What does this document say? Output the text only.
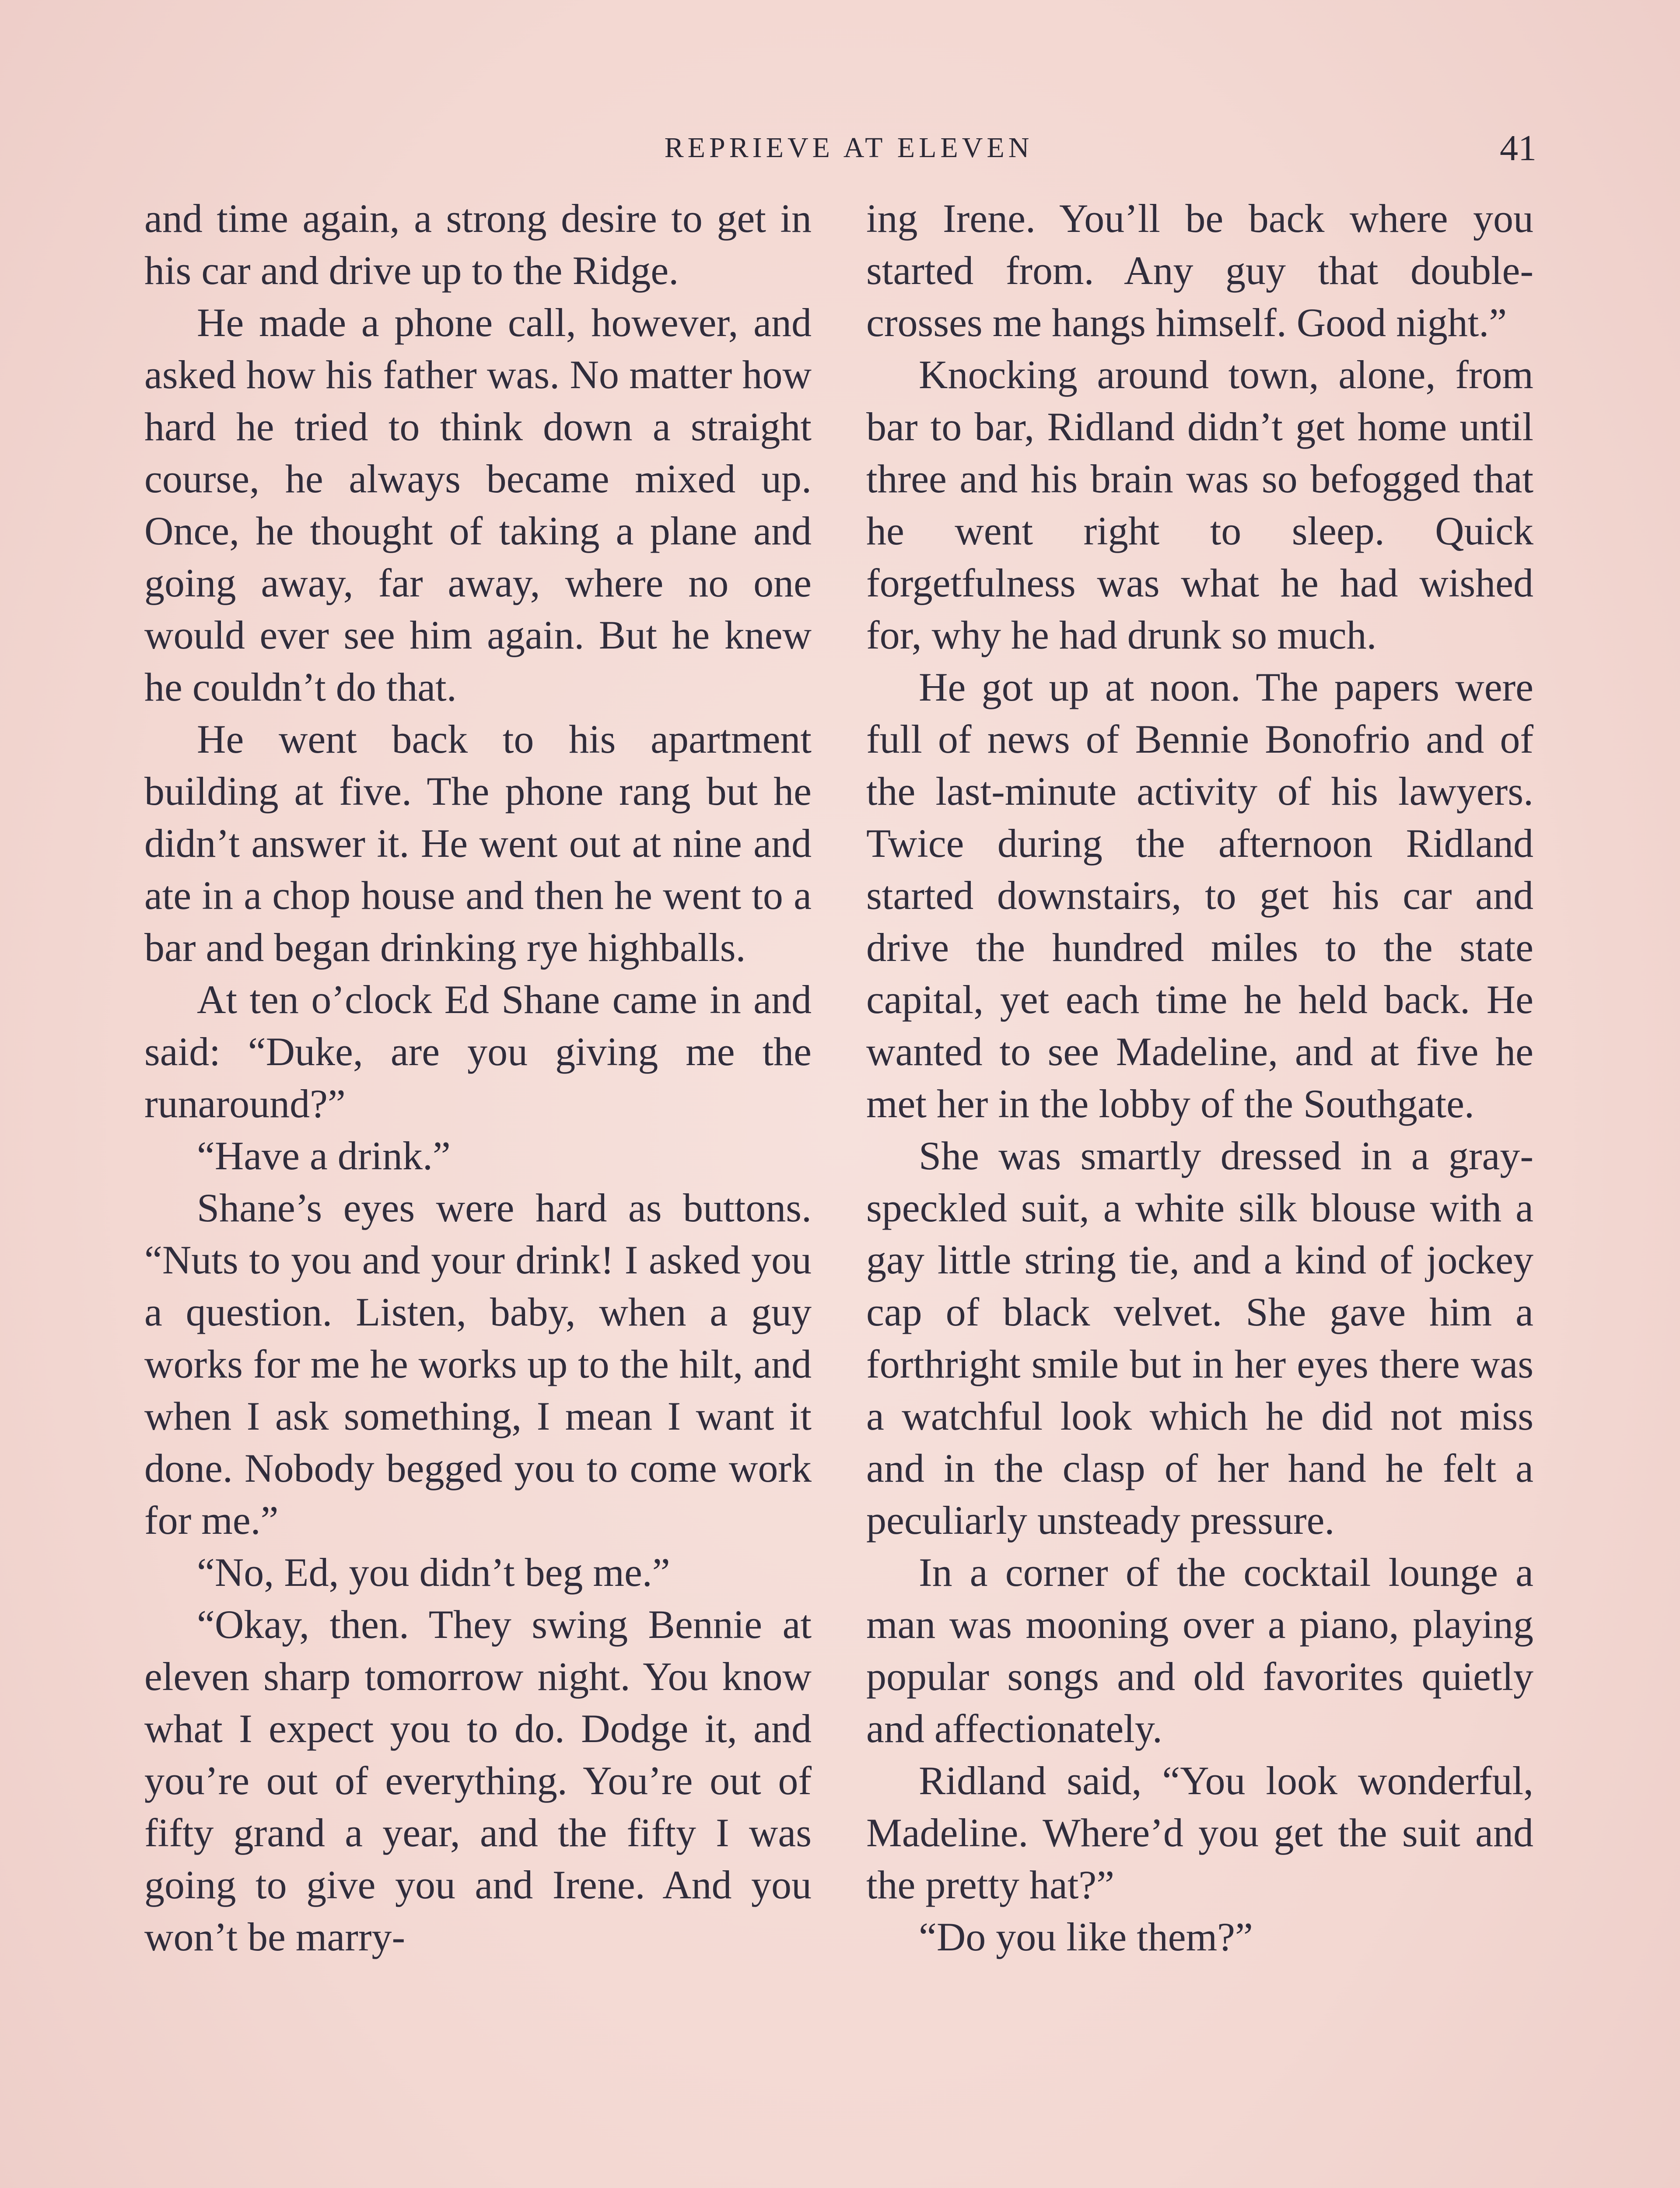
REPRIEVE AT ELEVEN	41

and time again, a strong desire to get in his car and drive up to the Ridge.

He made a phone call, however, and asked how his father was. No matter how hard he tried to think down a straight course, he always became mixed up. Once, he thought of taking a plane and going away, far away, where no one would ever see him again. But he knew he couldn’t do that.

He went back to his apartment building at five. The phone rang but he didn’t answer it. He went out at nine and ate in a chop house and then he went to a bar and began drinking rye highballs.

At ten o’clock Ed Shane came in and said: “Duke, are you giving me the runaround?”

“Have a drink.”

Shane’s eyes were hard as buttons. “Nuts to you and your drink! I asked you a question. Listen, baby, when a guy works for me he works up to the hilt, and when I ask something, I mean I want it done. Nobody begged you to come work for me.”

“No, Ed, you didn’t beg me.”

“Okay, then. They swing Bennie at eleven sharp tomorrow night. You know what I expect you to do. Dodge it, and you’re out of everything. You’re out of fifty grand a year, and the fifty I was going to give you and Irene. And you won’t be marry-

ing Irene. You’ll be back where you started from. Any guy that double-crosses me hangs himself. Good night.”

Knocking around town, alone, from bar to bar, Ridland didn’t get home until three and his brain was so befogged that he went right to sleep. Quick forgetfulness was what he had wished for, why he had drunk so much.

He got up at noon. The papers were full of news of Bennie Bonofrio and of the last-minute activity of his lawyers. Twice during the afternoon Ridland started downstairs, to get his car and drive the hundred miles to the state capital, yet each time he held back. He wanted to see Madeline, and at five he met her in the lobby of the Southgate.

She was smartly dressed in a gray-speckled suit, a white silk blouse with a gay little string tie, and a kind of jockey cap of black velvet. She gave him a forthright smile but in her eyes there was a watchful look which he did not miss and in the clasp of her hand he felt a peculiarly unsteady pressure.

In a corner of the cocktail lounge a man was mooning over a piano, playing popular songs and old favorites quietly and affectionately.

Ridland said, “You look wonderful, Madeline. Where’d you get the suit and the pretty hat?”

“Do you like them?”
